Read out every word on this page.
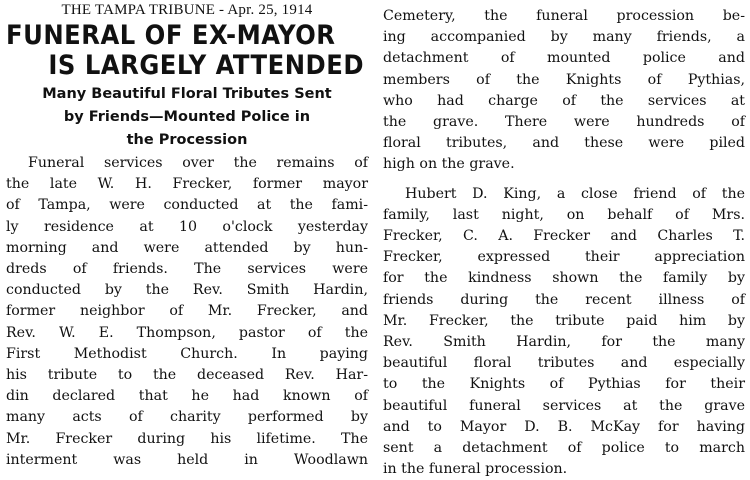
THE TAMPA TRIBUNE - Apr. 25, 1914
FUNERAL OF EX-MAYOR
IS LARGELY ATTENDED
Many Beautiful Floral Tributes Sent
by Friends—Mounted Police in
the Procession
Funeral services over the remains of
the late W. H. Frecker, former mayor
of Tampa, were conducted at the fami-
ly residence at 10 o'clock yesterday
morning and were attended by hun-
dreds of friends. The services were
conducted by the Rev. Smith Hardin,
former neighbor of Mr. Frecker, and
Rev. W. E. Thompson, pastor of the
First Methodist Church. In paying
his tribute to the deceased Rev. Har-
din declared that he had known of
many acts of charity performed by
Mr. Frecker during his lifetime. The
interment was held in Woodlawn
Cemetery, the funeral procession be-
ing accompanied by many friends, a
detachment of mounted police and
members of the Knights of Pythias,
who had charge of the services at
the grave. There were hundreds of
floral tributes, and these were piled
high on the grave.
Hubert D. King, a close friend of the
family, last night, on behalf of Mrs.
Frecker, C. A. Frecker and Charles T.
Frecker, expressed their appreciation
for the kindness shown the family by
friends during the recent illness of
Mr. Frecker, the tribute paid him by
Rev. Smith Hardin, for the many
beautiful floral tributes and especially
to the Knights of Pythias for their
beautiful funeral services at the grave
and to Mayor D. B. McKay for having
sent a detachment of police to march
in the funeral procession.
